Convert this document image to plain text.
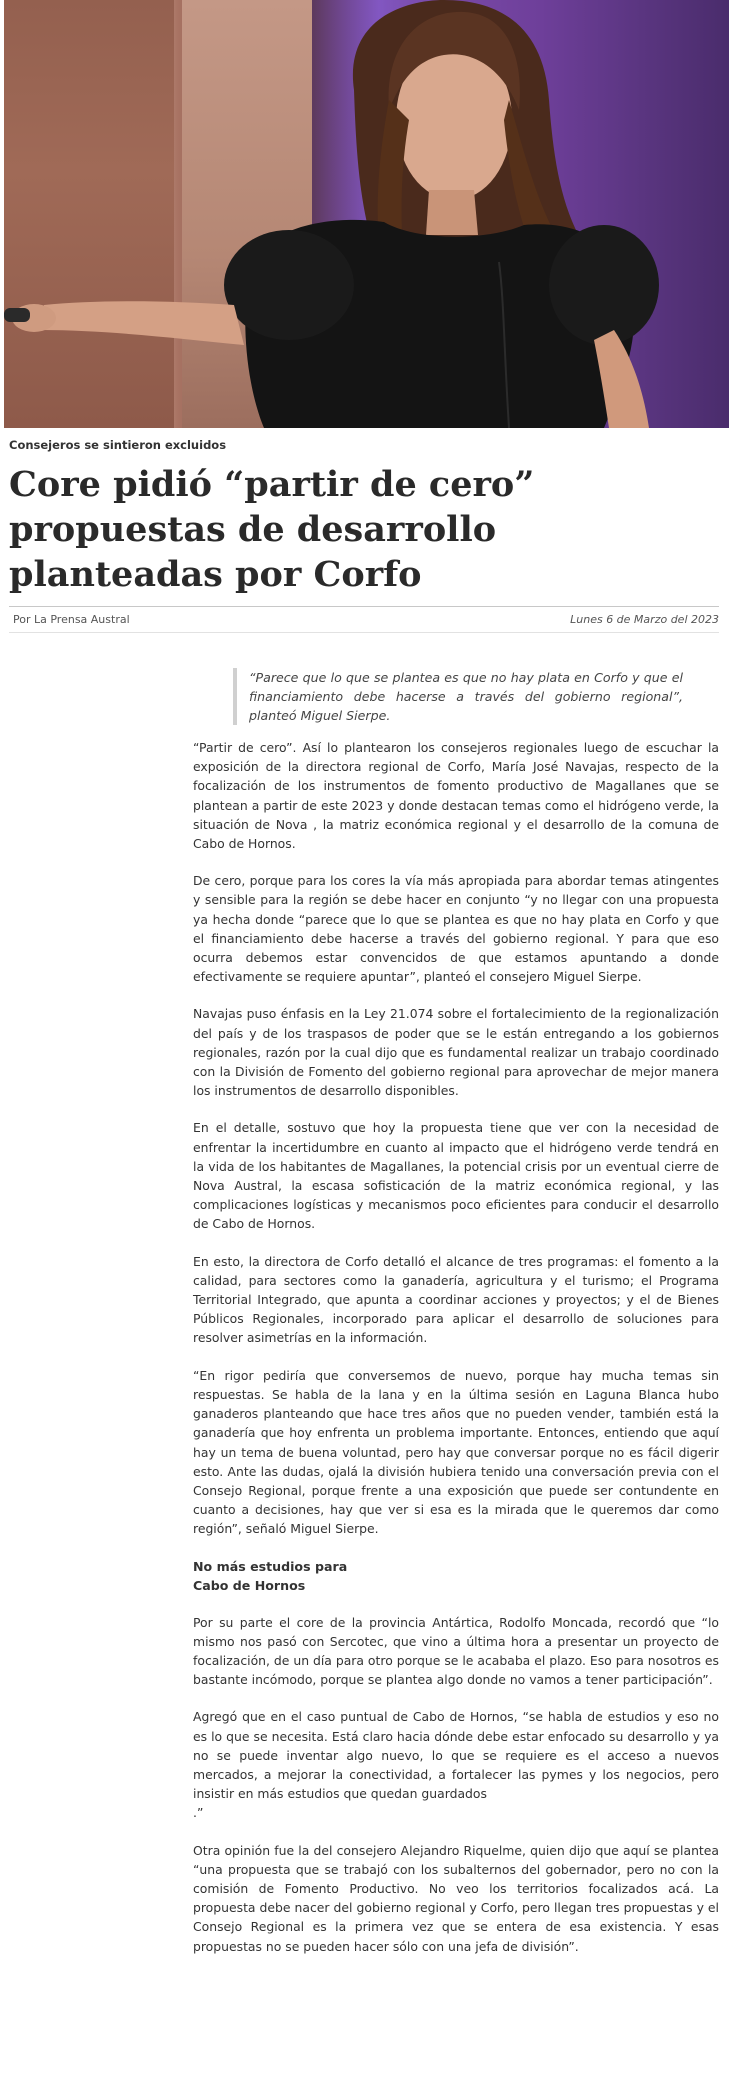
Consejeros se sintieron excluidos
Core pidió “partir de cero” propuestas de desarrollo planteadas por Corfo
Por La Prensa Austral	Lunes 6 de Marzo del 2023
“Parece que lo que se plantea es que no hay plata en Corfo y que el financiamiento debe hacerse a través del gobierno regional”, planteó Miguel Sierpe.

“Partir de cero”. Así lo plantearon los consejeros regionales luego de escuchar la exposición de la directora regional de Corfo, María José Navajas, respecto de la focalización de los instrumentos de fomento productivo de Magallanes que se plantean a partir de este 2023 y donde destacan temas como el hidrógeno verde, la situación de Nova , la matriz económica regional y el desarrollo de la comuna de Cabo de Hornos.

De cero, porque para los cores la vía más apropiada para abordar temas atingentes y sensible para la región se debe hacer en conjunto “y no llegar con una propuesta ya hecha donde “parece que lo que se plantea es que no hay plata en Corfo y que el financiamiento debe hacerse a través del gobierno regional. Y para que eso ocurra debemos estar convencidos de que estamos apuntando a donde efectivamente se requiere apuntar”, planteó el consejero Miguel Sierpe.

Navajas puso énfasis en la Ley 21.074 sobre el fortalecimiento de la regionalización del país y de los traspasos de poder que se le están entregando a los gobiernos regionales, razón por la cual dijo que es fundamental realizar un trabajo coordinado con la División de Fomento del gobierno regional para aprovechar de mejor manera los instrumentos de desarrollo disponibles.

En el detalle, sostuvo que hoy la propuesta tiene que ver con la necesidad de enfrentar la incertidumbre en cuanto al impacto que el hidrógeno verde tendrá en la vida de los habitantes de Magallanes, la potencial crisis por un eventual cierre de Nova Austral, la escasa sofisticación de la matriz económica regional, y las complicaciones logísticas y mecanismos poco eficientes para conducir el desarrollo de Cabo de Hornos.

En esto, la directora de Corfo detalló el alcance de tres programas: el fomento a la calidad, para sectores como la ganadería, agricultura y el turismo; el Programa Territorial Integrado, que apunta a coordinar acciones y proyectos; y el de Bienes Públicos Regionales, incorporado para aplicar el desarrollo de soluciones para resolver asimetrías en la información.

“En rigor pediría que conversemos de nuevo, porque hay mucha temas sin respuestas. Se habla de la lana y en la última sesión en Laguna Blanca hubo ganaderos planteando que hace tres años que no pueden vender, también está la ganadería que hoy enfrenta un problema importante. Entonces, entiendo que aquí hay un tema de buena voluntad, pero hay que conversar porque no es fácil digerir esto. Ante las dudas, ojalá la división hubiera tenido una conversación previa con el Consejo Regional, porque frente a una exposición que puede ser contundente en cuanto a decisiones, hay que ver si esa es la mirada que le queremos dar como región”, señaló Miguel Sierpe.

No más estudios para
Cabo de Hornos

Por su parte el core de la provincia Antártica, Rodolfo Moncada, recordó que “lo mismo nos pasó con Sercotec, que vino a última hora a presentar un proyecto de focalización, de un día para otro porque se le acababa el plazo. Eso para nosotros es bastante incómodo, porque se plantea algo donde no vamos a tener participación”.

Agregó que en el caso puntual de Cabo de Hornos, “se habla de estudios y eso no es lo que se necesita. Está claro hacia dónde debe estar enfocado su desarrollo y ya no se puede inventar algo nuevo, lo que se requiere es el acceso a nuevos mercados, a mejorar la conectividad, a fortalecer las pymes y los negocios, pero insistir en más estudios que quedan guardados
.”

Otra opinión fue la del consejero Alejandro Riquelme, quien dijo que aquí se plantea “una propuesta que se trabajó con los subalternos del gobernador, pero no con la comisión de Fomento Productivo. No veo los territorios focalizados acá. La propuesta debe nacer del gobierno regional y Corfo, pero llegan tres propuestas y el Consejo Regional es la primera vez que se entera de esa existencia. Y esas propuestas no se pueden hacer sólo con una jefa de división”.
